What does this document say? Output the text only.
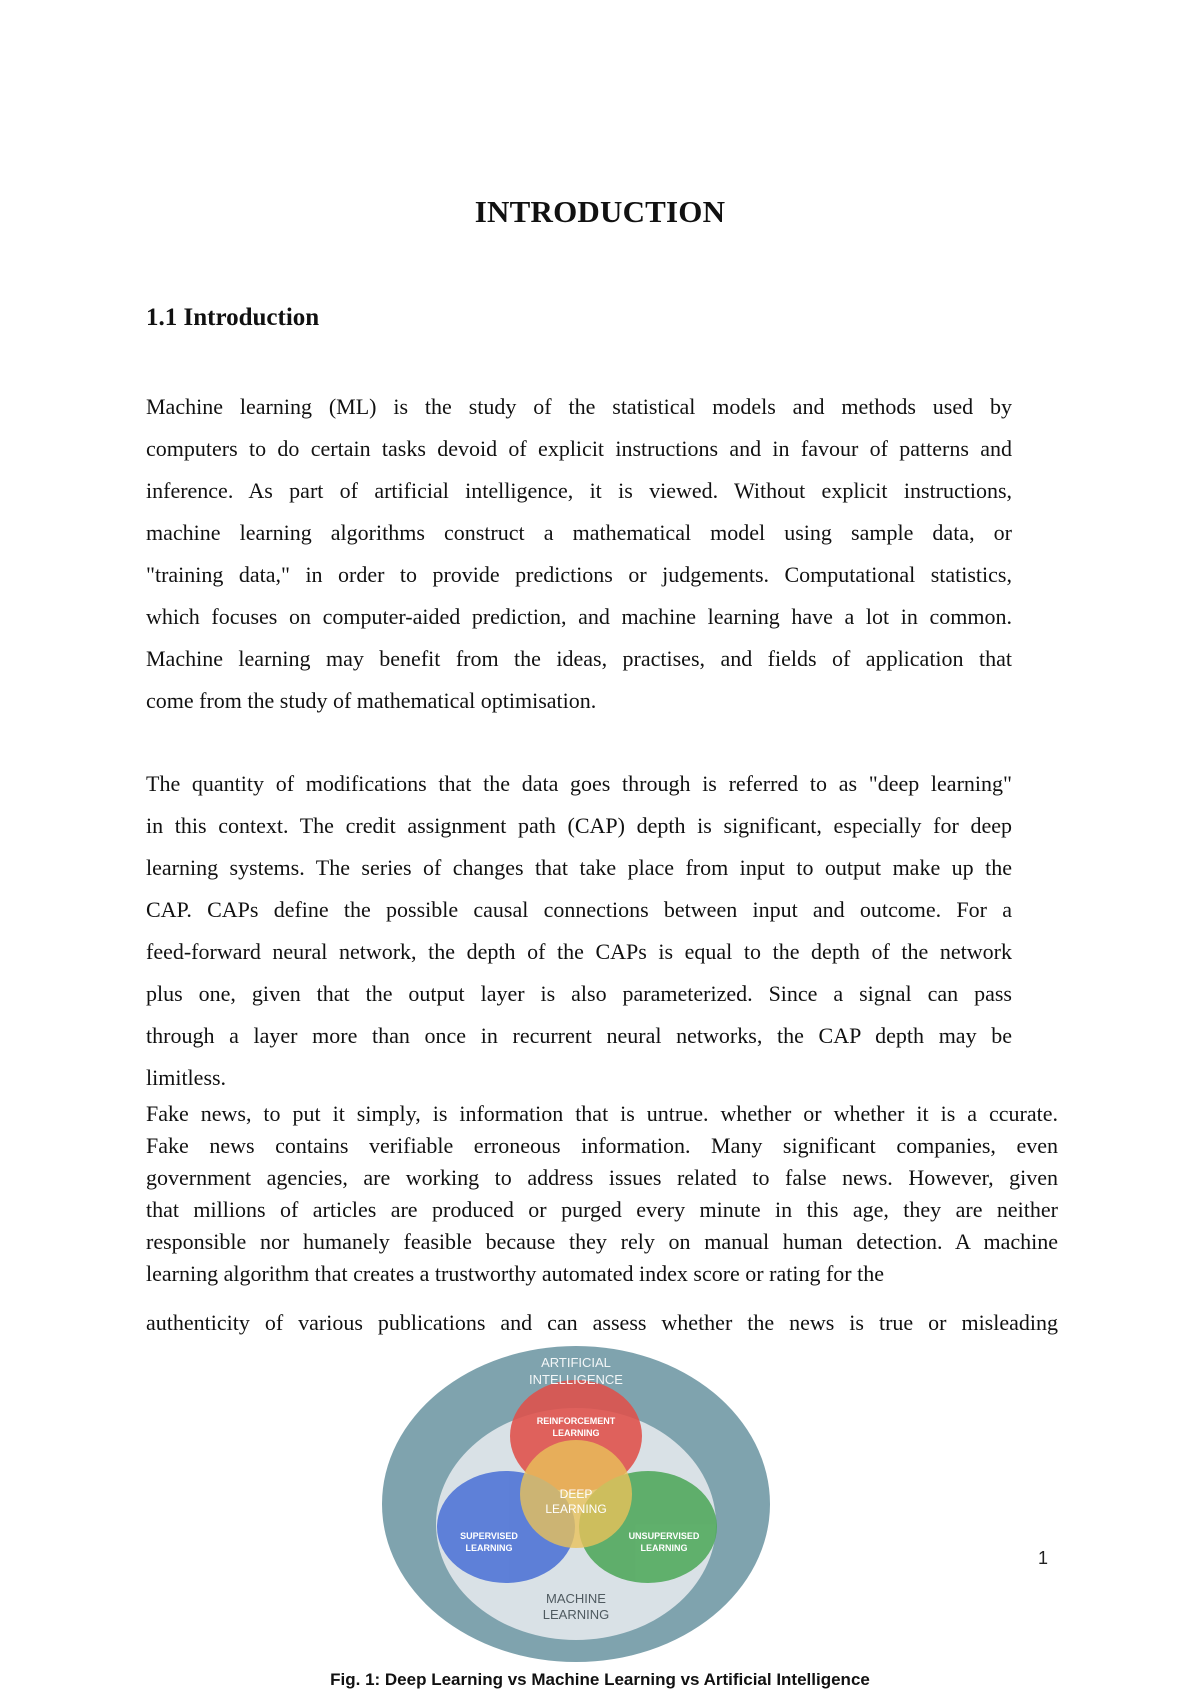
INTRODUCTION
1.1 Introduction
Machine learning (ML) is the study of the statistical models and methods used by
computers to do certain tasks devoid of explicit instructions and in favour of patterns and
inference. As part of artificial intelligence, it is viewed. Without explicit instructions,
machine learning algorithms construct a mathematical model using sample data, or
"training data," in order to provide predictions or judgements. Computational statistics,
which focuses on computer-aided prediction, and machine learning have a lot in common.
Machine learning may benefit from the ideas, practises, and fields of application that
come from the study of mathematical optimisation.
The quantity of modifications that the data goes through is referred to as "deep learning"
in this context. The credit assignment path (CAP) depth is significant, especially for deep
learning systems. The series of changes that take place from input to output make up the
CAP. CAPs define the possible causal connections between input and outcome. For a
feed-forward neural network, the depth of the CAPs is equal to the depth of the network
plus one, given that the output layer is also parameterized. Since a signal can pass
through a layer more than once in recurrent neural networks, the CAP depth may be
limitless.
Fake news, to put it simply, is information that is untrue. whether or whether it is a ccurate.
Fake news contains verifiable erroneous information. Many significant companies, even
government agencies, are working to address issues related to false news. However, given
that millions of articles are produced or purged every minute in this age, they are neither
responsible nor humanely feasible because they rely on manual human detection. A machine
learning algorithm that creates a trustworthy automated index score or rating for the
authenticity of various publications and can assess whether the news is true or misleading
ARTIFICIAL
INTELLIGENCE
REINFORCEMENT
LEARNING
DEEP
LEARNING
SUPERVISED
LEARNING
UNSUPERVISED
LEARNING
MACHINE
LEARNING
1
Fig. 1: Deep Learning vs Machine Learning vs Artificial Intelligence
